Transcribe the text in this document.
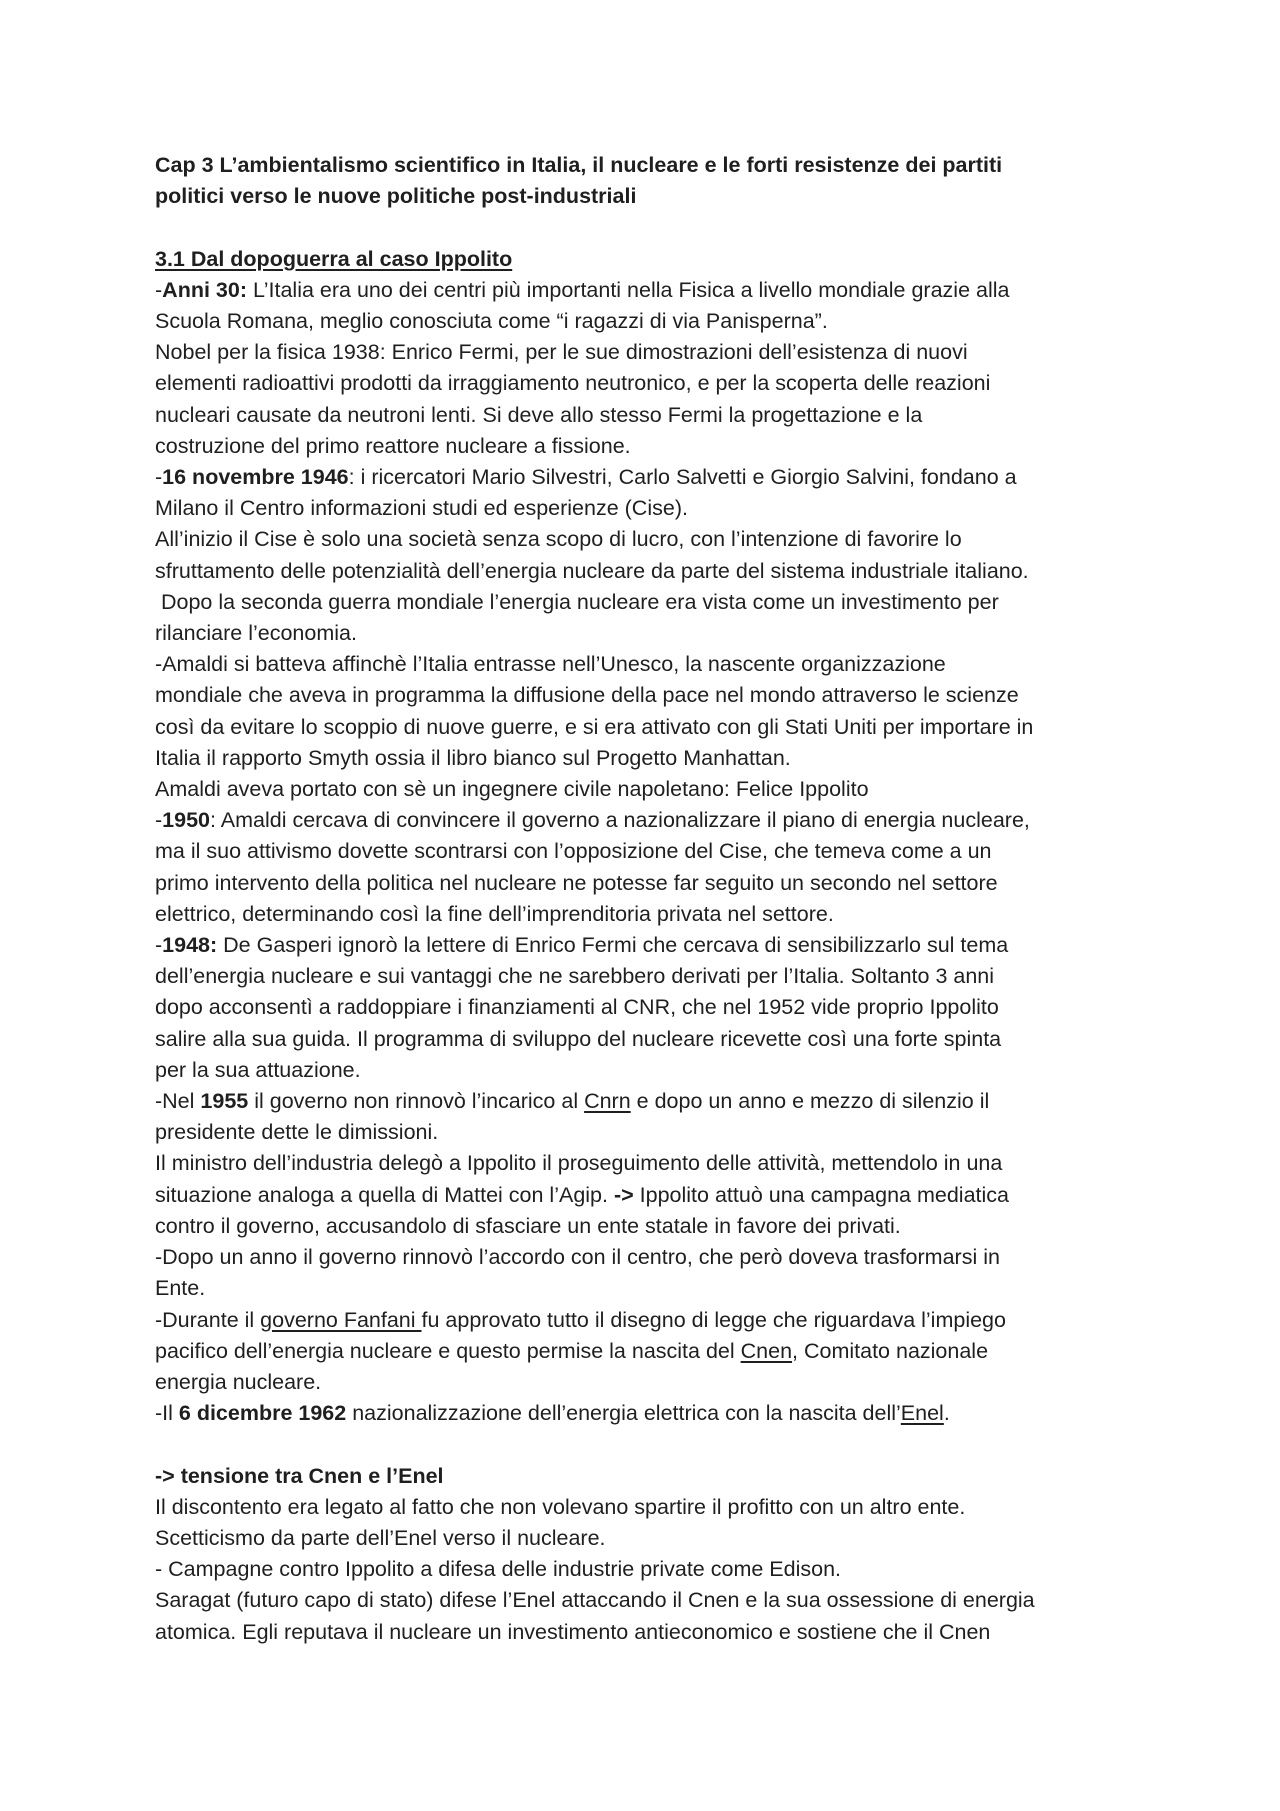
Cap 3 L’ambientalismo scientifico in Italia, il nucleare e le forti resistenze dei partiti
politici verso le nuove politiche post-industriali

3.1 Dal dopoguerra al caso Ippolito

-Anni 30: L’Italia era uno dei centri più importanti nella Fisica a livello mondiale grazie alla
Scuola Romana, meglio conosciuta come “i ragazzi di via Panisperna”.

Nobel per la fisica 1938: Enrico Fermi, per le sue dimostrazioni dell’esistenza di nuovi
elementi radioattivi prodotti da irraggiamento neutronico, e per la scoperta delle reazioni
nucleari causate da neutroni lenti. Si deve allo stesso Fermi la progettazione e la
costruzione del primo reattore nucleare a fissione.

-16 novembre 1946: i ricercatori Mario Silvestri, Carlo Salvetti e Giorgio Salvini, fondano a
Milano il Centro informazioni studi ed esperienze (Cise).

All’inizio il Cise è solo una società senza scopo di lucro, con l’intenzione di favorire lo
sfruttamento delle potenzialità dell’energia nucleare da parte del sistema industriale italiano.
Dopo la seconda guerra mondiale l’energia nucleare era vista come un investimento per
rilanciare l’economia.

-Amaldi si batteva affinchè l’Italia entrasse nell’Unesco, la nascente organizzazione
mondiale che aveva in programma la diffusione della pace nel mondo attraverso le scienze
così da evitare lo scoppio di nuove guerre, e si era attivato con gli Stati Uniti per importare in
Italia il rapporto Smyth ossia il libro bianco sul Progetto Manhattan.

Amaldi aveva portato con sè un ingegnere civile napoletano: Felice Ippolito

-1950: Amaldi cercava di convincere il governo a nazionalizzare il piano di energia nucleare,
ma il suo attivismo dovette scontrarsi con l’opposizione del Cise, che temeva come a un
primo intervento della politica nel nucleare ne potesse far seguito un secondo nel settore
elettrico, determinando così la fine dell’imprenditoria privata nel settore.

-1948: De Gasperi ignorò la lettere di Enrico Fermi che cercava di sensibilizzarlo sul tema
dell’energia nucleare e sui vantaggi che ne sarebbero derivati per l’Italia. Soltanto 3 anni
dopo acconsentì a raddoppiare i finanziamenti al CNR, che nel 1952 vide proprio Ippolito
salire alla sua guida. Il programma di sviluppo del nucleare ricevette così una forte spinta
per la sua attuazione.

-Nel 1955 il governo non rinnovò l’incarico al Cnrn e dopo un anno e mezzo di silenzio il
presidente dette le dimissioni.

Il ministro dell’industria delegò a Ippolito il proseguimento delle attività, mettendolo in una
situazione analoga a quella di Mattei con l’Agip. -> Ippolito attuò una campagna mediatica
contro il governo, accusandolo di sfasciare un ente statale in favore dei privati.

-Dopo un anno il governo rinnovò l’accordo con il centro, che però doveva trasformarsi in
Ente.

-Durante il governo Fanfani fu approvato tutto il disegno di legge che riguardava l’impiego
pacifico dell’energia nucleare e questo permise la nascita del Cnen, Comitato nazionale
energia nucleare.

-Il 6 dicembre 1962 nazionalizzazione dell’energia elettrica con la nascita dell’Enel.

-> tensione tra Cnen e l’Enel

Il discontento era legato al fatto che non volevano spartire il profitto con un altro ente.
Scetticismo da parte dell’Enel verso il nucleare.
- Campagne contro Ippolito a difesa delle industrie private come Edison.
Saragat (futuro capo di stato) difese l’Enel attaccando il Cnen e la sua ossessione di energia
atomica. Egli reputava il nucleare un investimento antieconomico e sostiene che il Cnen
